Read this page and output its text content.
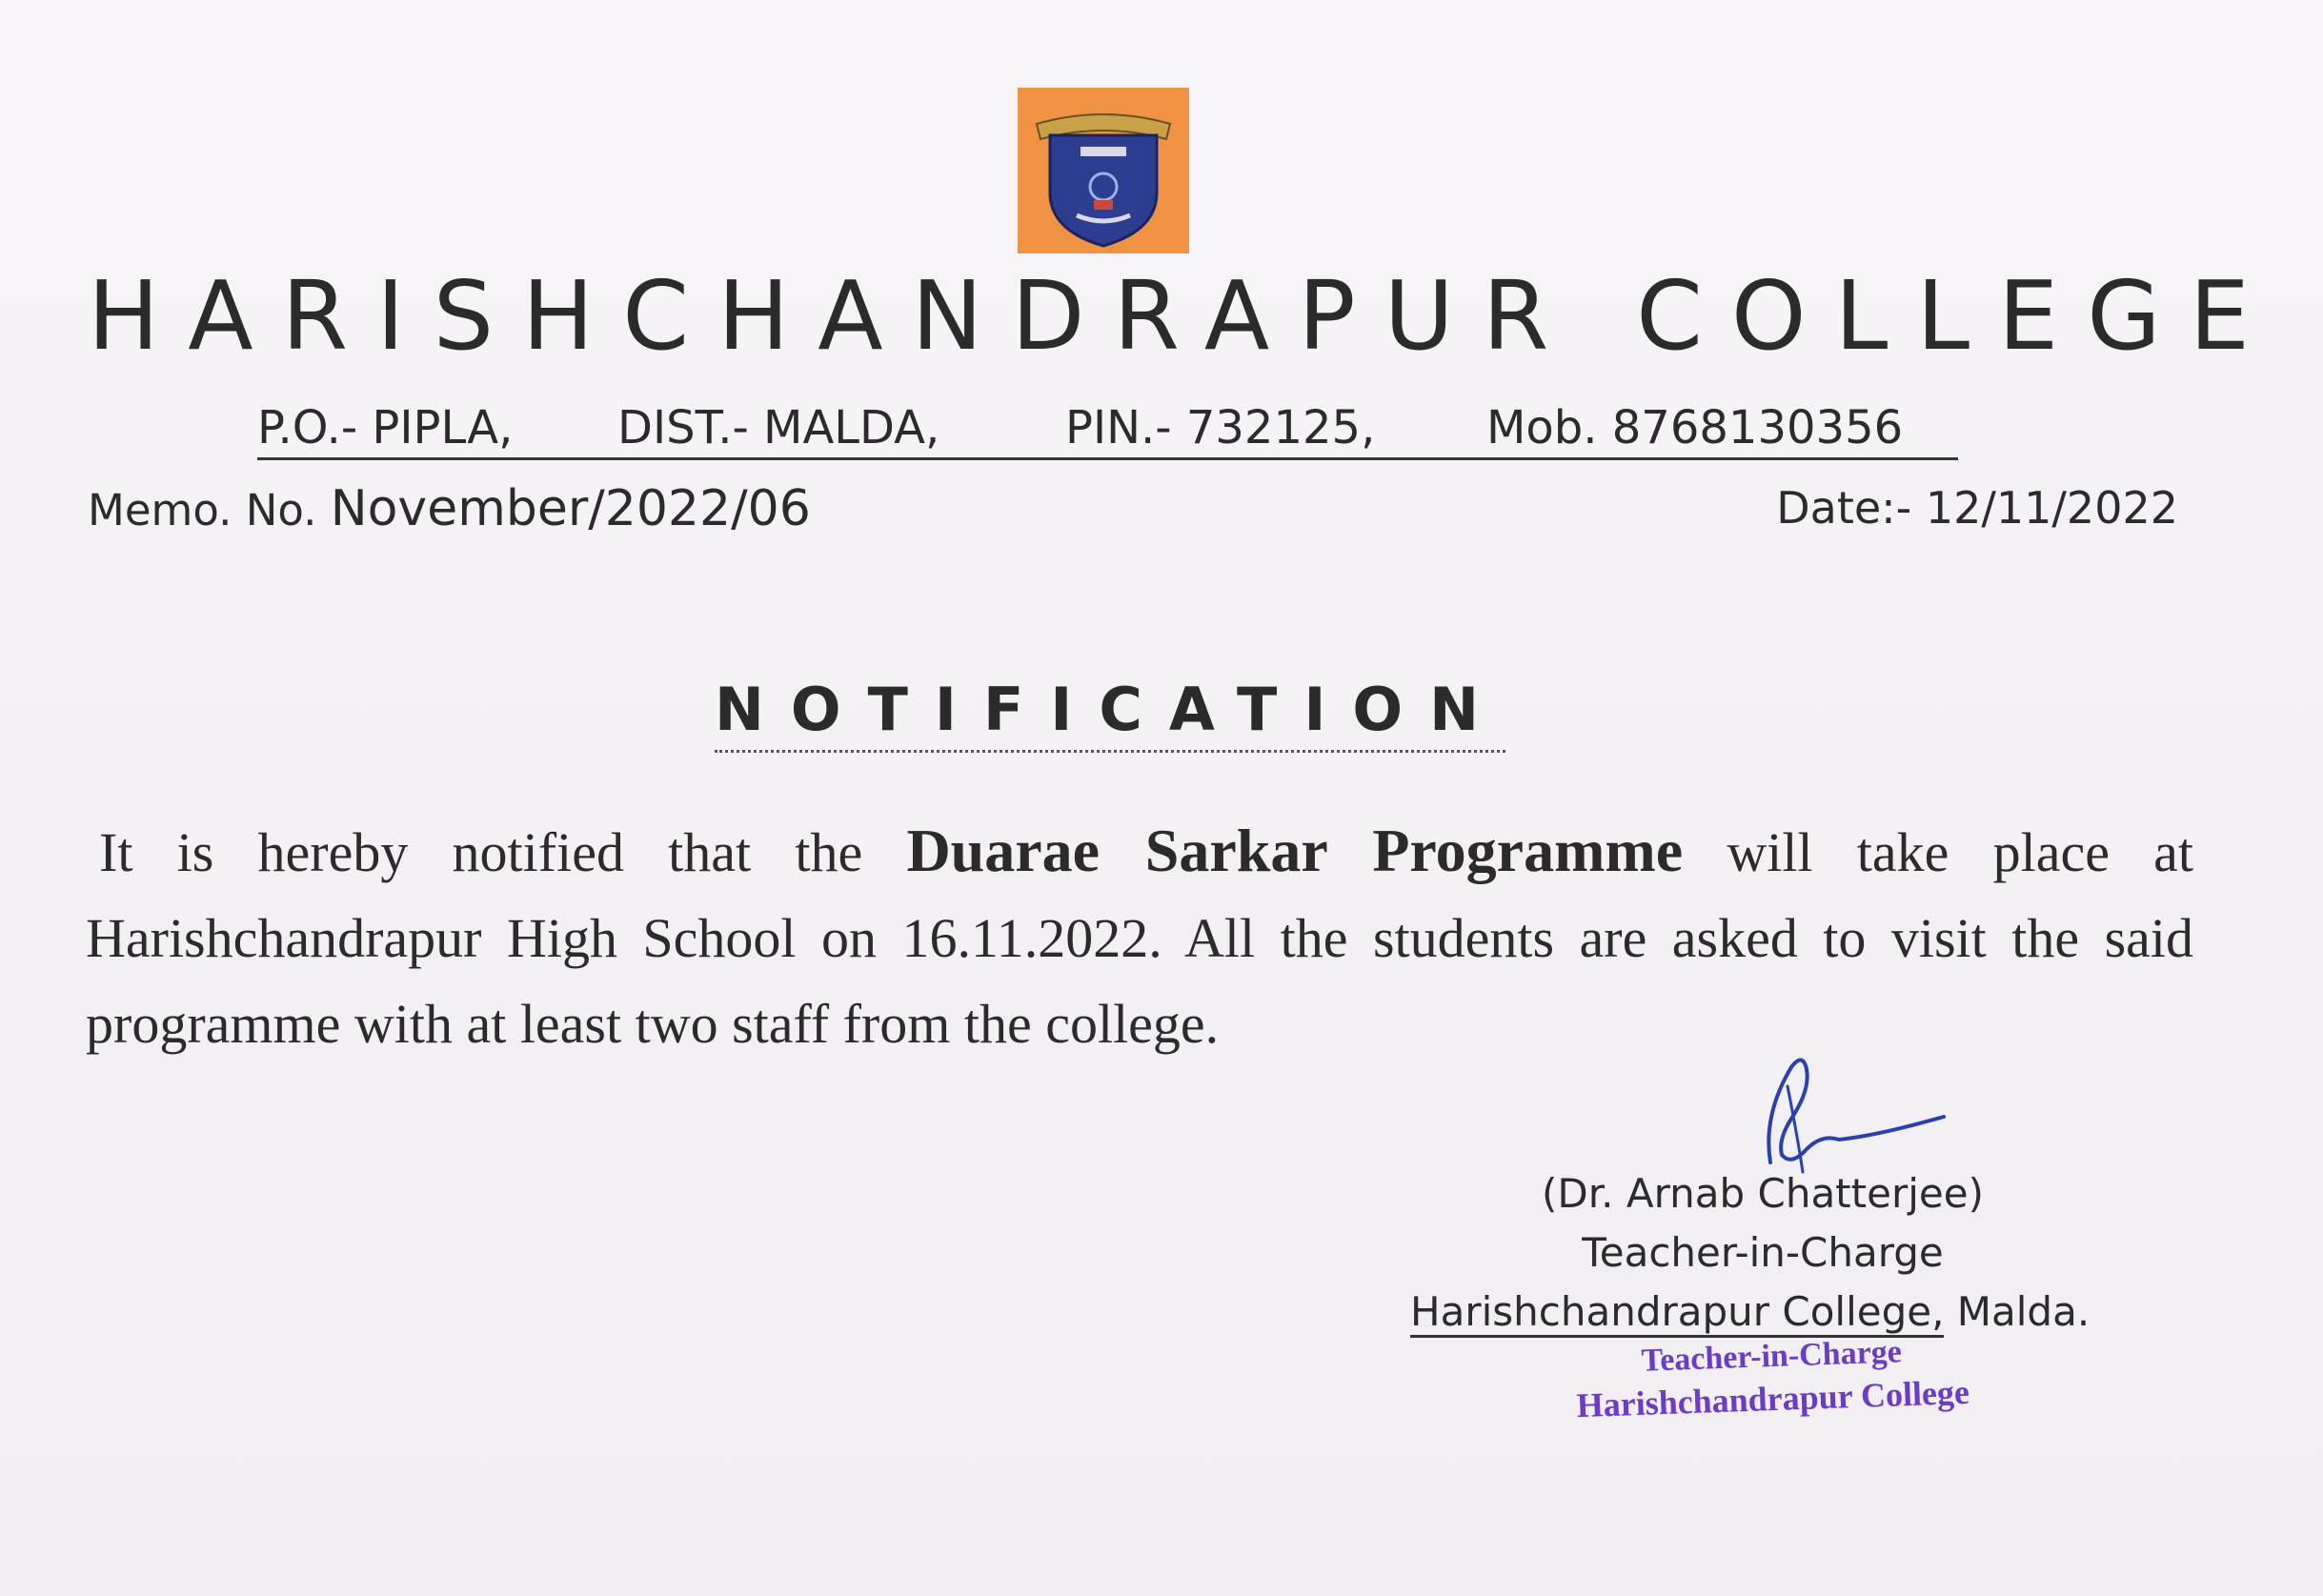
HARISHCHANDRAPUR COLLEGE
P.O.- PIPLA, DIST.- MALDA,	PIN.- 732125, Mob. 8768130356
Memo. No. November/2022/06	Date:- 12/11/2022
NOTIFICATION
It is hereby notified that the Duarae Sarkar Programme will take place at Harishchandrapur High School on 16.11.2022. All the students are asked to visit the said programme with at least two staff from the college.
(Dr. Arnab Chatterjee)
Teacher-in-Charge
Harishchandrapur College, Malda.
Teacher-in-Charge
Harishchandrapur College
